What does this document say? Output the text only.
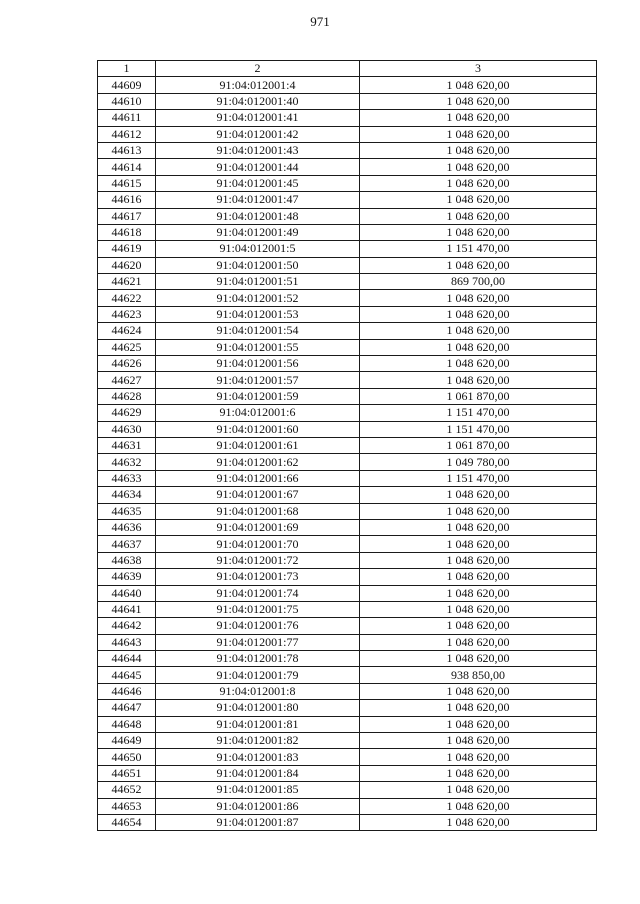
971
1	2	3
44609	91:04:012001:4	1 048 620,00
44610	91:04:012001:40	1 048 620,00
44611	91:04:012001:41	1 048 620,00
44612	91:04:012001:42	1 048 620,00
44613	91:04:012001:43	1 048 620,00
44614	91:04:012001:44	1 048 620,00
44615	91:04:012001:45	1 048 620,00
44616	91:04:012001:47	1 048 620,00
44617	91:04:012001:48	1 048 620,00
44618	91:04:012001:49	1 048 620,00
44619	91:04:012001:5	1 151 470,00
44620	91:04:012001:50	1 048 620,00
44621	91:04:012001:51	869 700,00
44622	91:04:012001:52	1 048 620,00
44623	91:04:012001:53	1 048 620,00
44624	91:04:012001:54	1 048 620,00
44625	91:04:012001:55	1 048 620,00
44626	91:04:012001:56	1 048 620,00
44627	91:04:012001:57	1 048 620,00
44628	91:04:012001:59	1 061 870,00
44629	91:04:012001:6	1 151 470,00
44630	91:04:012001:60	1 151 470,00
44631	91:04:012001:61	1 061 870,00
44632	91:04:012001:62	1 049 780,00
44633	91:04:012001:66	1 151 470,00
44634	91:04:012001:67	1 048 620,00
44635	91:04:012001:68	1 048 620,00
44636	91:04:012001:69	1 048 620,00
44637	91:04:012001:70	1 048 620,00
44638	91:04:012001:72	1 048 620,00
44639	91:04:012001:73	1 048 620,00
44640	91:04:012001:74	1 048 620,00
44641	91:04:012001:75	1 048 620,00
44642	91:04:012001:76	1 048 620,00
44643	91:04:012001:77	1 048 620,00
44644	91:04:012001:78	1 048 620,00
44645	91:04:012001:79	938 850,00
44646	91:04:012001:8	1 048 620,00
44647	91:04:012001:80	1 048 620,00
44648	91:04:012001:81	1 048 620,00
44649	91:04:012001:82	1 048 620,00
44650	91:04:012001:83	1 048 620,00
44651	91:04:012001:84	1 048 620,00
44652	91:04:012001:85	1 048 620,00
44653	91:04:012001:86	1 048 620,00
44654	91:04:012001:87	1 048 620,00
